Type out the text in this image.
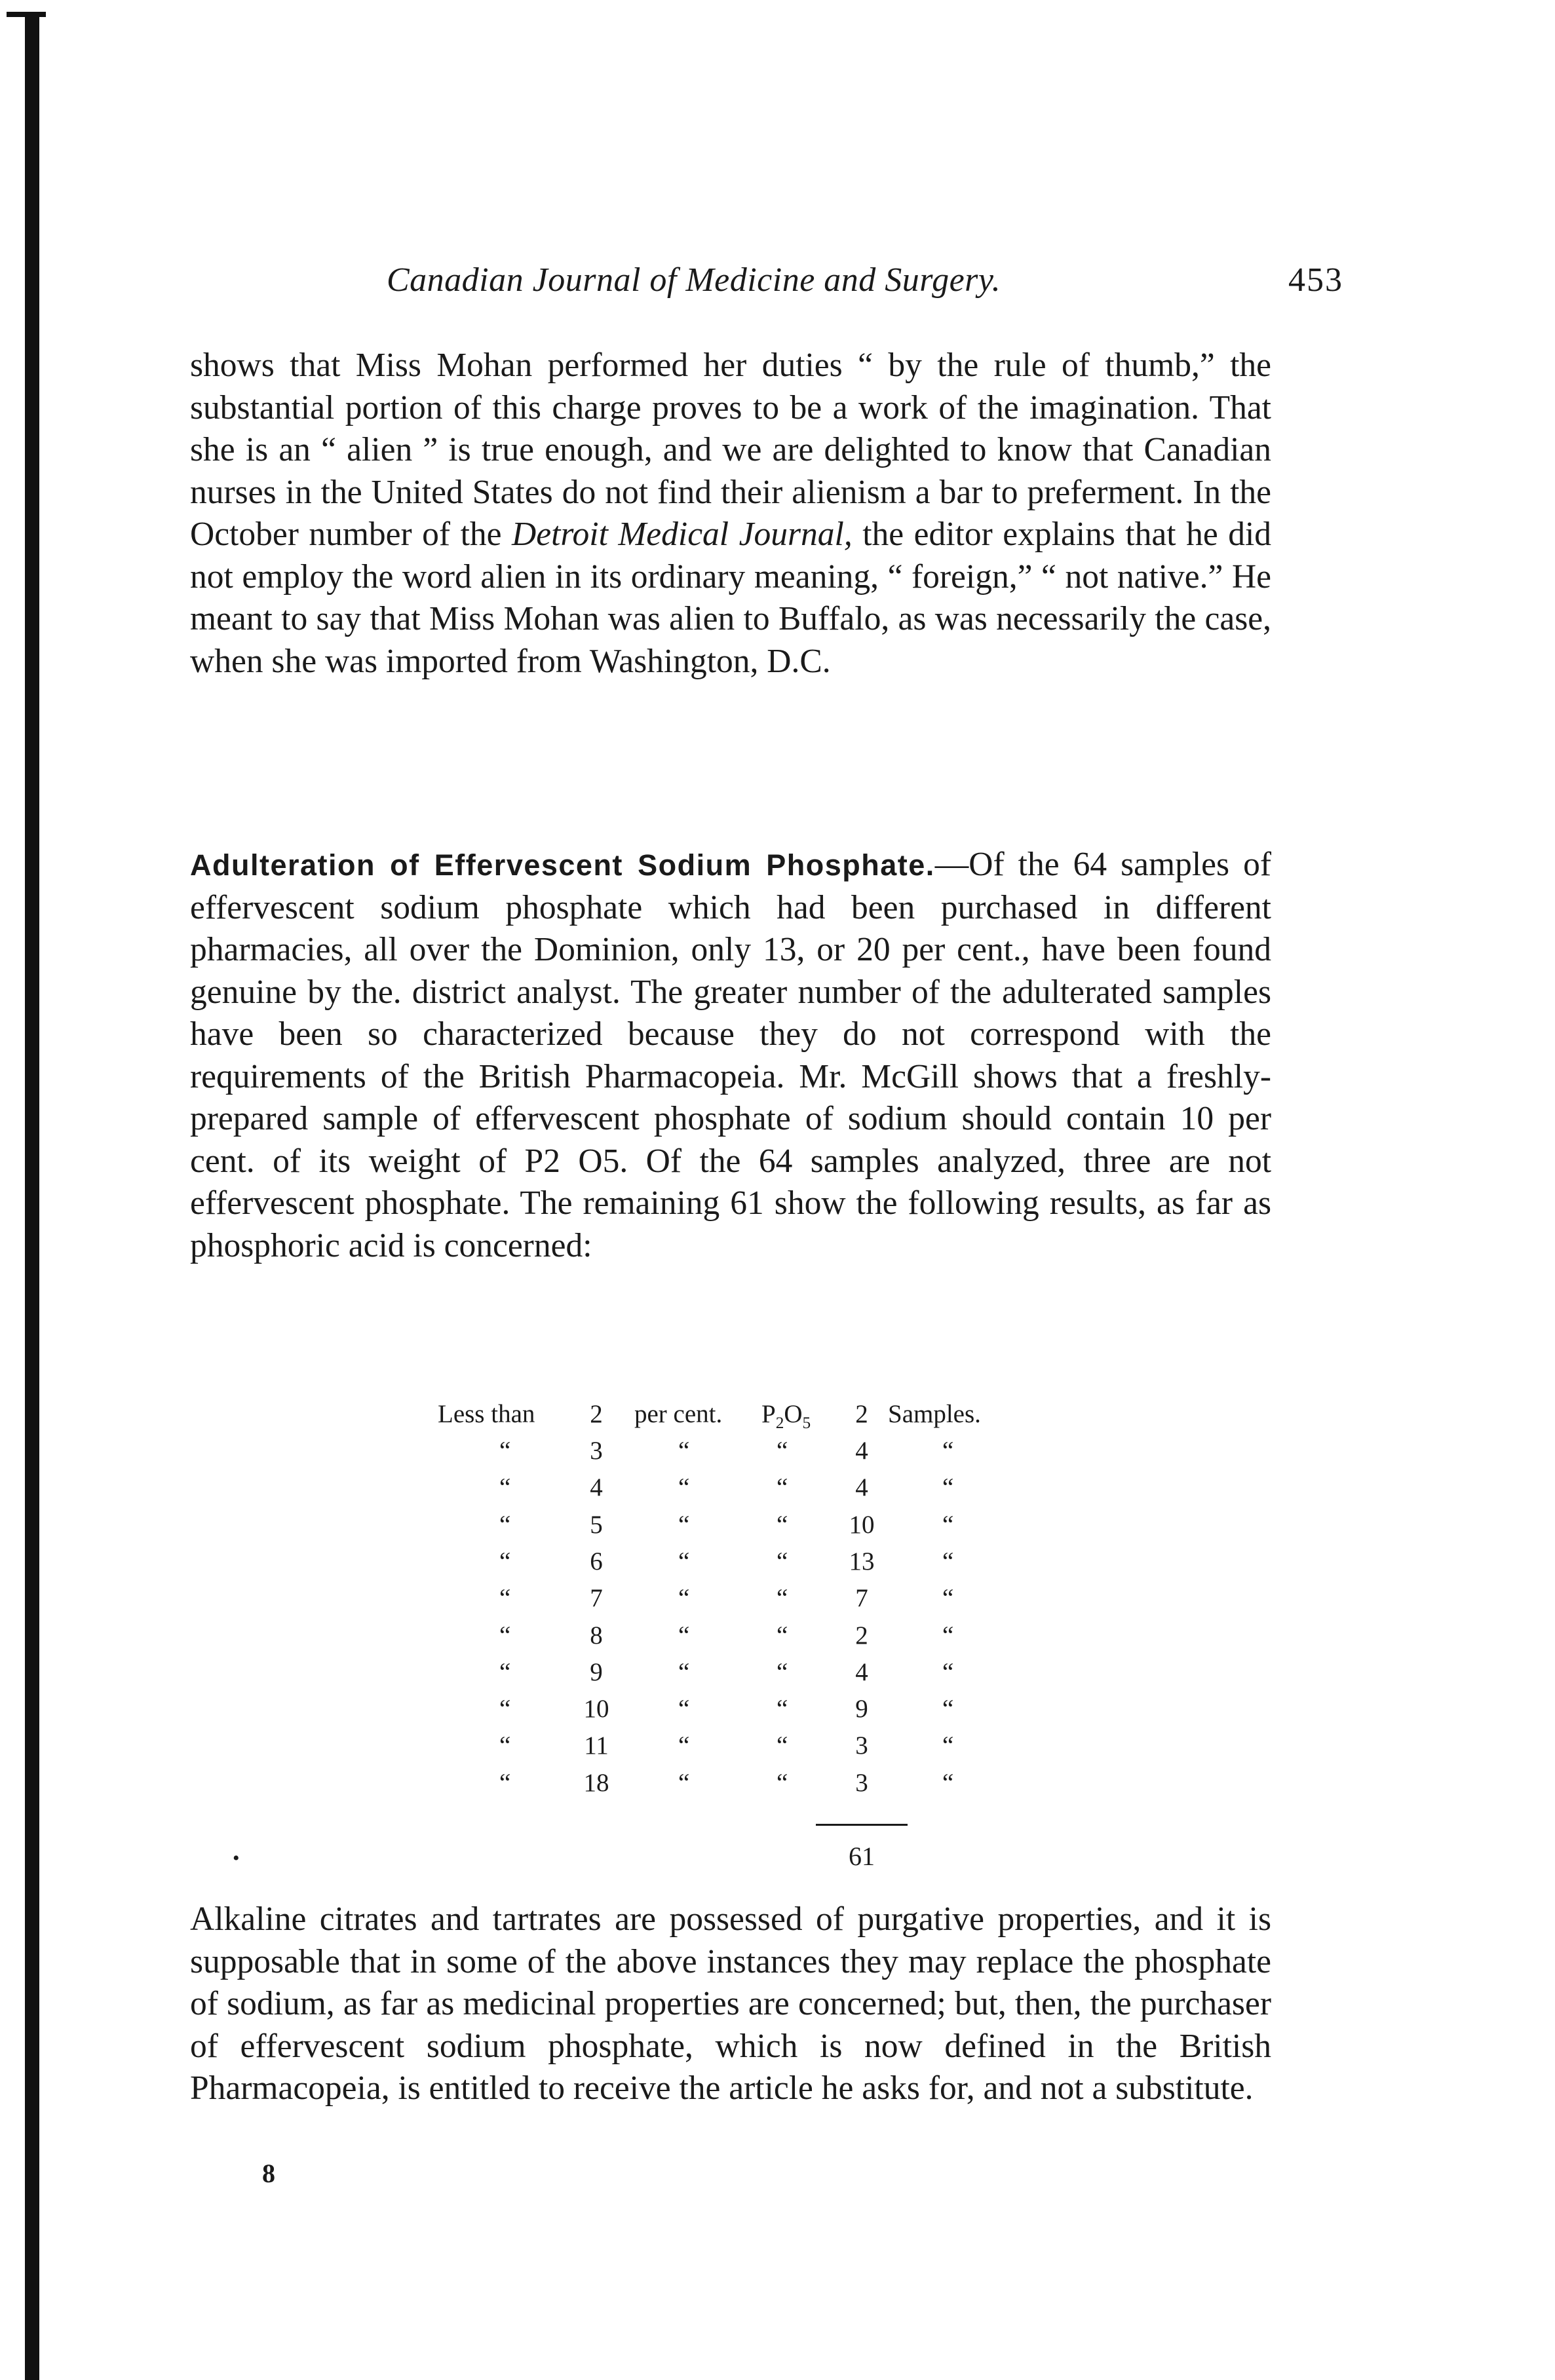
Canadian Journal of Medicine and Surgery.	453
shows that Miss Mohan performed her duties “ by the rule of thumb,” the substantial portion of this charge proves to be a work of the imagination. That she is an “ alien ” is true enough, and we are delighted to know that Canadian nurses in the United States do not find their alienism a bar to preferment. In the October number of the Detroit Medical Journal, the editor explains that he did not employ the word alien in its ordinary meaning, “ foreign,” “ not native.” He meant to say that Miss Mohan was alien to Buffalo, as was necessarily the case, when she was imported from Washington, D.C.
Adulteration of Effervescent Sodium Phosphate.—Of the 64 samples of effervescent sodium phosphate which had been purchased in different pharmacies, all over the Dominion, only 13, or 20 per cent., have been found genuine by the. district analyst. The greater number of the adulterated samples have been so characterized because they do not correspond with the requirements of the British Pharmacopeia. Mr. McGill shows that a freshly-prepared sample of effervescent phosphate of sodium should contain 10 per cent. of its weight of P2 O5. Of the 64 samples analyzed, three are not effervescent phosphate. The remaining 61 show the following results, as far as phosphoric acid is concerned:
Less than	2	per cent. $P_2O_5$	2 Samples.
“	3	“	“	4	“
“	4	“	“	4	“
“	5	“	“	10	“
“	6	“	“	13	“
“	7	“	“	7	“
“	8	“	“	2	“
“	9	“	“	4	“
“	10	“	“	9	“
“	11	“	“	3	“
“	18	“	“	3	“
61
•
Alkaline citrates and tartrates are possessed of purgative properties, and it is supposable that in some of the above instances they may replace the phosphate of sodium, as far as medicinal properties are concerned; but, then, the purchaser of effervescent sodium phosphate, which is now defined in the British Pharmacopeia, is entitled to receive the article he asks for, and not a substitute.
8
